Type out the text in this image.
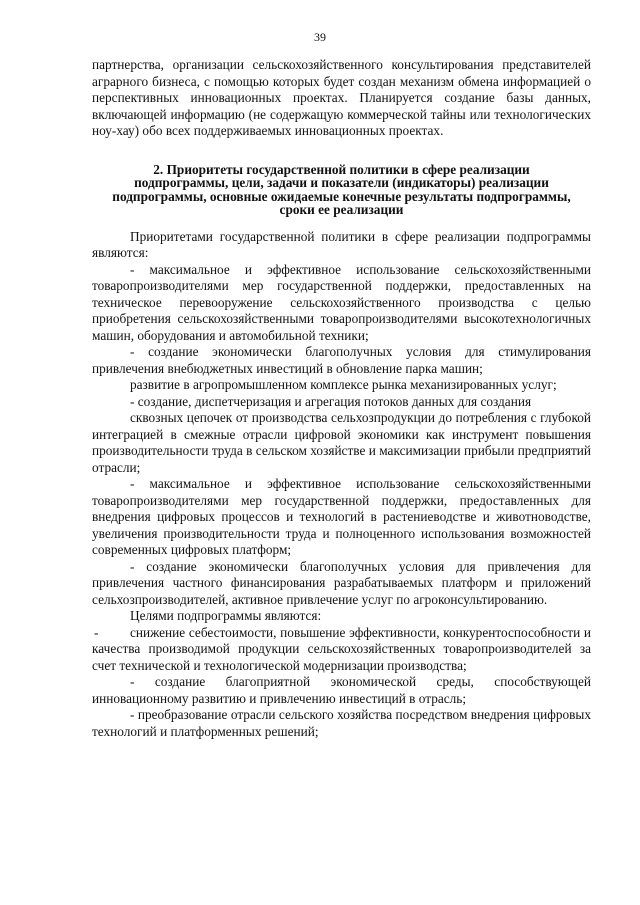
39

партнерства, организации сельскохозяйственного консультирования представителей аграрного бизнеса, с помощью которых будет создан механизм обмена информацией о перспективных инновационных проектах. Планируется создание базы данных, включающей информацию (не содержащую коммерческой тайны или технологических ноу-хау) обо всех поддерживаемых инновационных проектах.

2. Приоритеты государственной политики в сфере реализации подпрограммы, цели, задачи и показатели (индикаторы) реализации подпрограммы, основные ожидаемые конечные результаты подпрограммы, сроки ее реализации

Приоритетами государственной политики в сфере реализации подпрограммы являются:

- максимальное и эффективное использование сельскохозяйственными товаропроизводителями мер государственной поддержки, предоставленных на техническое перевооружение сельскохозяйственного производства с целью приобретения сельскохозяйственными товаропроизводителями высокотехнологичных машин, оборудования и автомобильной техники;

- создание экономически благополучных условия для стимулирования привлечения внебюджетных инвестиций в обновление парка машин;

развитие в агропромышленном комплексе рынка механизированных услуг;

- создание, диспетчеризация и агрегация потоков данных для создания

сквозных цепочек от производства сельхозпродукции до потребления с глубокой интеграцией в смежные отрасли цифровой экономики как инструмент повышения производительности труда в сельском хозяйстве и максимизации прибыли предприятий отрасли;

- максимальное и эффективное использование сельскохозяйственными товаропроизводителями мер государственной поддержки, предоставленных для внедрения цифровых процессов и технологий в растениеводстве и животноводстве, увеличения производительности труда и полноценного использования возможностей современных цифровых платформ;

- создание экономически благополучных условия для привлечения для привлечения частного финансирования разрабатываемых платформ и приложений сельхозпроизводителей, активное привлечение услуг по агроконсультированию.

Целями подпрограммы являются:

- снижение себестоимости, повышение эффективности, конкурентоспособности и качества производимой продукции сельскохозяйственных товаропроизводителей за счет технической и технологической модернизации производства;

- создание благоприятной экономической среды, способствующей инновационному развитию и привлечению инвестиций в отрасль;

- преобразование отрасли сельского хозяйства посредством внедрения цифровых технологий и платформенных решений;
